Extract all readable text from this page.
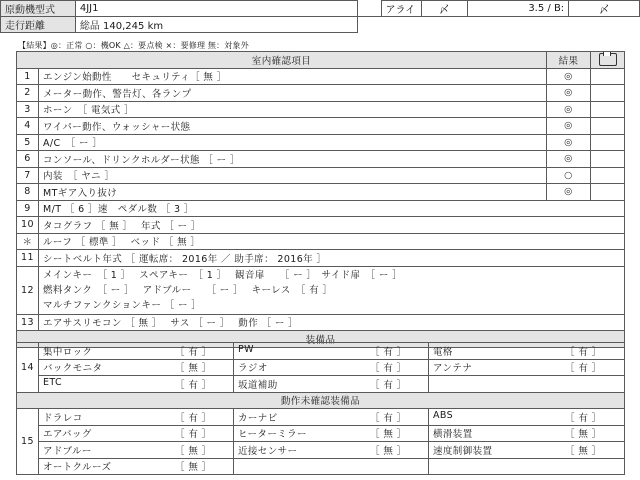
原動機型式	4JJ1		アライ	〆	3.5 / B:	〆
走行距離	総品 140,245 km					
【結果】◎：正常 ○：機OK △：要点検 ×：要修理 無：対象外
室内確認項目		結果	
1	エンジン始動性　　セキュリティ［ 無 ］	◎	
2	メーター動作、警告灯、各ランプ	◎	
3	ホーン　［ 電気式 ］	◎	
4	ワイパー動作、ウォッシャー状態	◎	
5	A/C　［ ー ］	◎	
6	コンソール、ドリンクホルダー状態 ［ ー ］	◎	
7	内装　［ ヤニ ］	○	
8	MTギア入り抜け	◎	
9	M/T ［ 6 ］速　ペダル数 ［ 3 ］		
10	タコグラフ ［ 無 ］　 年式 ［ ー ］		
＊	ルーフ ［ 標準 ］　 ベッド ［ 無 ］		
11	シートベルト年式 ［ 運転席： 2016年 ／ 助手席： 2016年 ］		
12	メインキー　［ 1 ］　 スペアキー　［ 1 ］　 観音扉　　［ ー ］　サイド扉　［ ー ］
燃料タンク　［ ー ］　 アドブルー　　［ ー ］　 キーレス　［ 有 ］
マルチファンクションキー ［ ー ］		

13	エアサスリモコン ［ 無 ］　 サス ［ ー ］　 動作 ［ ー ］		
装備品			
14	集中ロック ［ 有 ］	PW ［ 有 ］	電格 ［ 有 ］

	バックモニタ ［ 無 ］	ラジオ ［ 有 ］	アンテナ ［ 有 ］

	ETC ［ 有 ］	坂道補助 ［ 有 ］	

動作未確認装備品			
15	ドラレコ ［ 有 ］	カーナビ ［ 有 ］	ABS ［ 有 ］

	エアバッグ ［ 有 ］	ヒーターミラー ［ 無 ］	横滑装置 ［ 無 ］

	アドブルー ［ 無 ］	近接センサー ［ 無 ］	速度制御装置 ［ 無 ］

	オートクルーズ ［ 無 ］		
